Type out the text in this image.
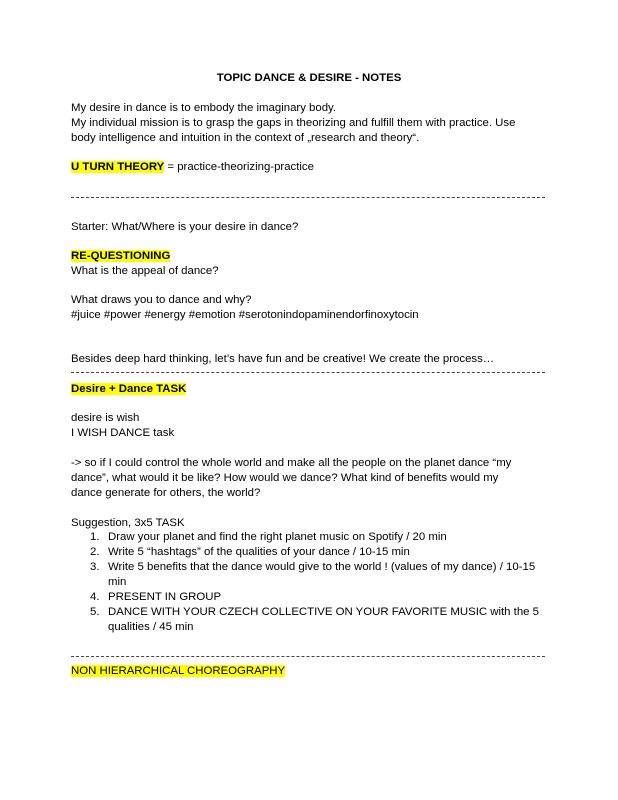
TOPIC DANCE & DESIRE - NOTES
My desire in dance is to embody the imaginary body.
My individual mission is to grasp the gaps in theorizing and fulfill them with practice. Use
body intelligence and intuition in the context of „research and theory“.
U TURN THEORY = practice-theorizing-practice
Starter: What/Where is your desire in dance?
RE-QUESTIONING
What is the appeal of dance?
What draws you to dance and why?
#juice #power #energy #emotion #serotonindopaminendorfinoxytocin
Besides deep hard thinking, let’s have fun and be creative! We create the process…
Desire + Dance TASK
desire is wish
I WISH DANCE task
-> so if I could control the whole world and make all the people on the planet dance “my
dance”, what would it be like? How would we dance? What kind of benefits would my
dance generate for others, the world?
Suggestion, 3x5 TASK
1. Draw your planet and find the right planet music on Spotify / 20 min
2. Write 5 “hashtags” of the qualities of your dance / 10-15 min
3. Write 5 benefits that the dance would give to the world ! (values of my dance) / 10-15 min
4. PRESENT IN GROUP
5. DANCE WITH YOUR CZECH COLLECTIVE ON YOUR FAVORITE MUSIC with the 5 qualities / 45 min
NON HIERARCHICAL CHOREOGRAPHY
